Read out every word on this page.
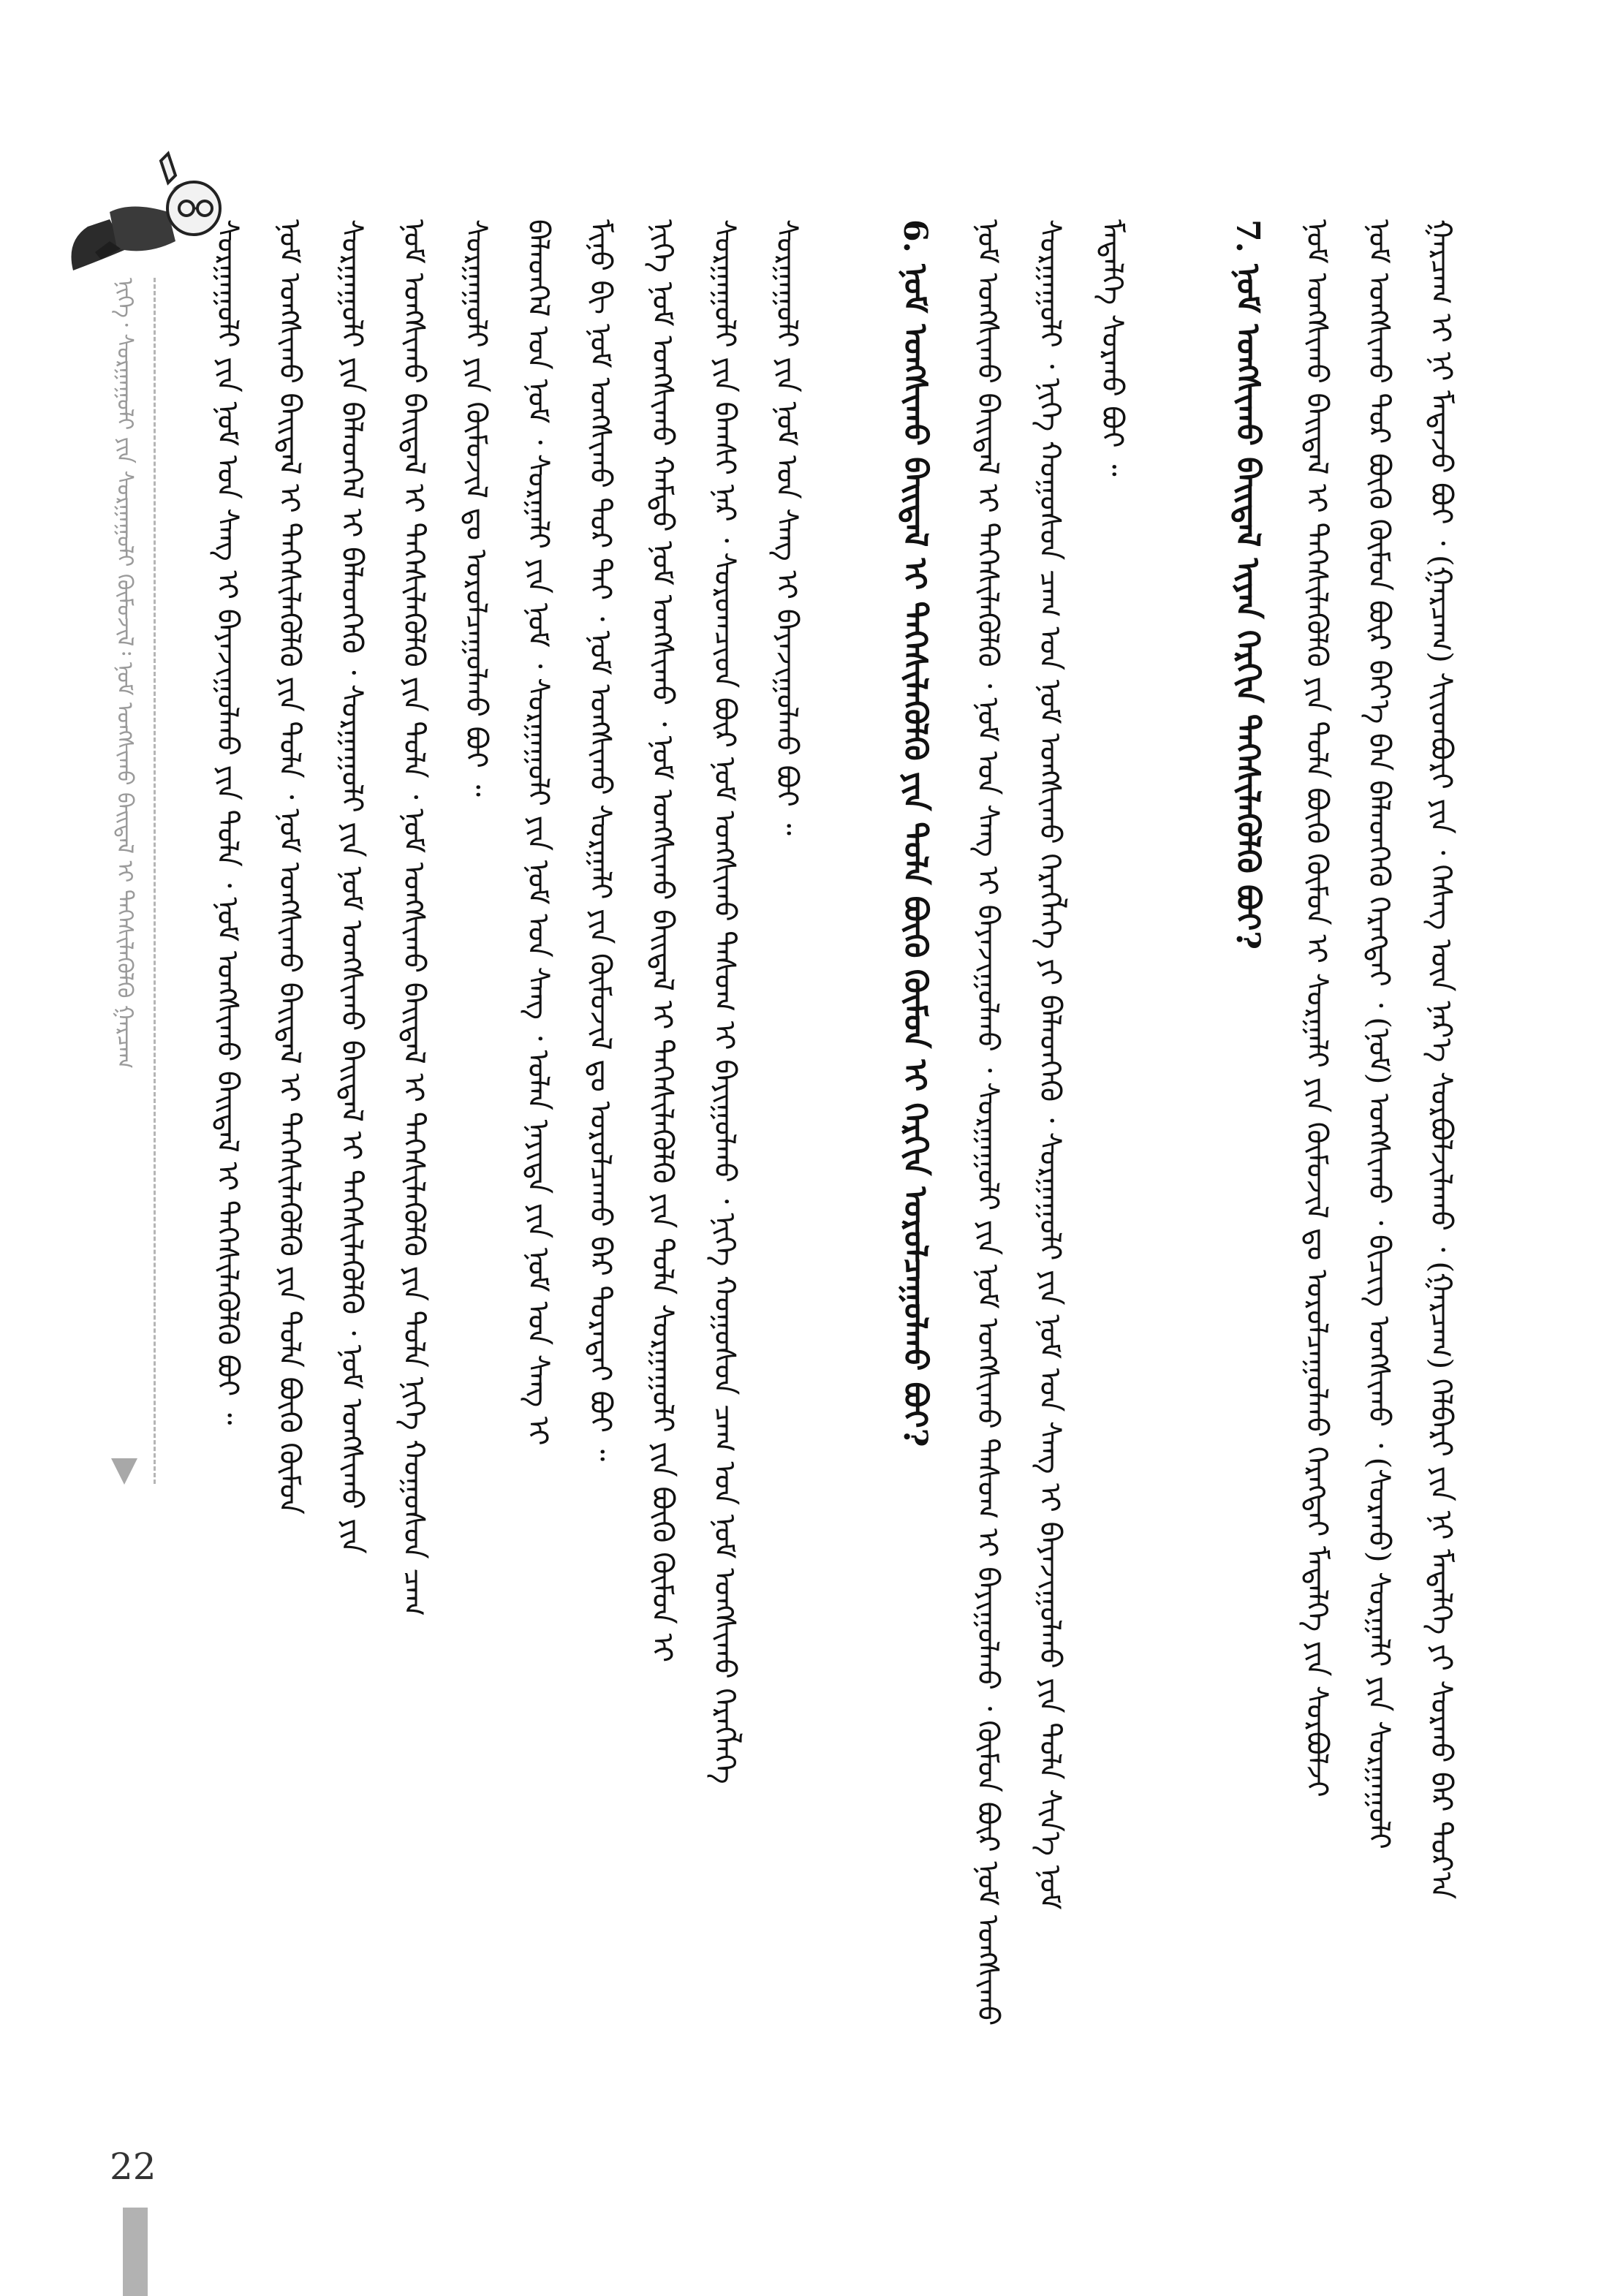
ᠨᠢᠭᠡ᠂ ᠰᠤᠷᠭᠠᠭᠤᠯᠢ ᠶᠢᠨ ᠰᠤᠷᠭᠠᠭᠤᠯᠢ ᠬᠦᠮᠦᠵᠢᠯ᠄ ᠨᠤᠮ ᠤᠩᠰᠢᠬᠤ ᠪᠠᠢᠳᠠᠯ ᠢ ᠳᠡᠭᠡᠰᠢᠯᠡᠭᠦᠯᠬᠦ ᠭᠠᠷᠴᠠᠭ	ᠭᠠᠷᠴᠠᠭ ᠢ ᠨᠢ ᠮᠡᠳᠡᠵᠦ ᠪᠤᠢ ᠂ (ᠭᠠᠷᠴᠠᠭ) ᠰᠢᠢᠳᠪᠦᠷᠢ ᠶᠢᠨ ᠂ ᠬᠡᠰᠡᠭ ᠦᠨ ᠨᠡᠷ᠎ᠡ ᠰᠤᠷᠪᠤᠯᠵᠢᠯᠠᠬᠤ ᠂ (ᠭᠠᠷᠴᠠᠭ) ᠬᠡᠯᠪᠡᠷᠢ ᠶᠢᠨ ᠨᠢ ᠮᠡᠳᠡᠯᠭᠡ ᠶᠢ ᠰᠤᠷᠬᠤ ᠪᠠᠷ ᠳᠤᠷ᠎ᠠ
ᠨᠤᠮ ᠤᠩᠰᠢᠬᠤ ᠳᠤᠷ ᠪᠦᠬᠦ ᠬᠦᠮᠦᠨ ᠪᠦᠷ ᠪᠡᠶ᠎ᠡ ᠪᠡᠨ ᠪᠡᠯᠡᠳᠬᠡᠬᠦ ᠬᠡᠷᠡᠭᠲᠡᠢ ᠂ (ᠨᠤᠮ) ᠤᠩᠰᠢᠬᠤ ᠂ ᠪᠢᠴᠢᠭ ᠤᠩᠰᠢᠬᠤ ᠂ (ᠰᠤᠷᠬᠤ) ᠰᠤᠷᠭᠠᠯᠢ ᠶᠢᠨ ᠰᠤᠷᠭᠠᠭᠤᠯᠢ
ᠨᠤᠮ ᠤᠩᠰᠢᠬᠤ ᠪᠠᠢᠳᠠᠯ ᠢ ᠳᠡᠭᠡᠰᠢᠯᠡᠭᠦᠯᠬᠦ ᠶᠢᠨ ᠲᠤᠯᠠ ᠪᠦᠬᠦ ᠬᠦᠮᠦᠨ ᠢ ᠰᠤᠷᠭᠠᠯᠢ ᠶᠢᠨ ᠬᠦᠮᠦᠵᠢᠯ ᠳᠤ ᠣᠷᠣᠯᠴᠠᠭᠤᠯᠬᠤ ᠬᠡᠷᠡᠭᠲᠡᠢ ᠮᠡᠳᠡᠯᠭᠡ ᠶᠢᠨ ᠰᠤᠷᠪᠤᠯᠵᠢ
7. ᠨᠤᠮ ᠤᠩᠰᠢᠬᠤ ᠪᠠᠢᠳᠠᠯ ᠢᠶᠠᠨ ᠬᠡᠷᠬᠢᠨ ᠳᠡᠭᠡᠰᠢᠯᠡᠭᠦᠯᠬᠦ ᠪᠤᠢ?
ᠮᠡᠳᠡᠯᠭᠡ ᠰᠤᠷᠬᠤ ᠪᠤᠢ ᠃
ᠰᠤᠷᠭᠠᠭᠤᠯᠢ ᠂ ᠨᠢᠭᠡ ᠬᠤᠭᠤᠰᠤᠨ ᠴᠠᠭ ᠤᠨ ᠨᠤᠮ ᠤᠩᠰᠢᠬᠤ ᠬᠡᠷᠡᠭᠯᠡᠭᠡ ᠶᠢ ᠪᠡᠯᠡᠳᠬᠡᠬᠦ ᠂ ᠰᠤᠷᠭᠠᠭᠤᠯᠢ ᠶᠢᠨ ᠨᠣᠮ ᠤᠨ ᠰᠠᠩ ᠢ ᠪᠠᠶᠠᠵᠢᠭᠤᠯᠬᠤ ᠶᠢᠨ ᠲᠤᠯᠠ ᠰᠢᠨ᠎ᠡ ᠨᠤᠮ
ᠨᠤᠮ ᠤᠩᠰᠢᠬᠤ ᠪᠠᠢᠳᠠᠯ ᠢ ᠳᠡᠭᠡᠰᠢᠯᠡᠭᠦᠯᠬᠦ ᠂ ᠨᠤᠮ ᠤᠨ ᠰᠠᠩ ᠢ ᠪᠠᠶᠠᠵᠢᠭᠤᠯᠬᠤ ᠂ ᠰᠤᠷᠭᠠᠭᠤᠯᠢ ᠶᠢᠨ ᠨᠤᠮ ᠤᠩᠰᠢᠬᠤ ᠲᠠᠰᠤᠭ ᠢ ᠪᠠᠶᠢᠭᠤᠯᠬᠤ ᠂ ᠬᠦᠮᠦᠨ ᠪᠦᠷ ᠨᠤᠮ ᠤᠩᠰᠢᠬᠤ
6. ᠨᠤᠮ ᠤᠩᠰᠢᠬᠤ ᠪᠠᠢᠳᠠᠯ ᠢ ᠳᠡᠭᠡᠰᠢᠯᠡᠭᠦᠯᠬᠦ ᠶᠢᠨ ᠲᠤᠯᠠ ᠪᠦᠬᠦ ᠬᠦᠮᠦᠨ ᠢ ᠬᠡᠷᠬᠢᠨ ᠣᠷᠣᠯᠴᠠᠭᠤᠯᠬᠤ ᠪᠤᠢ?
ᠰᠤᠷᠭᠠᠭᠤᠯᠢ ᠶᠢᠨ ᠨᠤᠮ ᠤᠨ ᠰᠠᠩ ᠢ ᠪᠠᠶᠠᠵᠢᠭᠤᠯᠬᠤ ᠪᠤᠢ ᠃
ᠰᠤᠷᠭᠠᠭᠤᠯᠢ ᠶᠢᠨ ᠪᠠᠭᠰᠢ ᠨᠠᠷ ᠂ ᠰᠤᠷᠤᠭᠴᠢᠳ ᠪᠦᠷ ᠨᠤᠮ ᠤᠩᠰᠢᠬᠤ ᠲᠠᠰᠤᠭ ᠢ ᠪᠠᠶᠢᠭᠤᠯᠬᠤ ᠂ ᠨᠢᠭᠡ ᠬᠤᠭᠤᠰᠤᠨ ᠴᠠᠭ ᠤᠨ ᠨᠤᠮ ᠤᠩᠰᠢᠬᠤ ᠬᠡᠷᠡᠭᠯᠡᠭᠡ
ᠨᠢᠭᠡ ᠨᠤᠮ ᠤᠩᠰᠢᠬᠤ ᠬᠠᠮᠲᠤ ᠨᠤᠮ ᠤᠩᠰᠢᠬᠤ ᠂ ᠨᠤᠮ ᠤᠩᠰᠢᠬᠤ ᠪᠠᠢᠳᠠᠯ ᠢ ᠳᠡᠭᠡᠰᠢᠯᠡᠭᠦᠯᠬᠦ ᠶᠢᠨ ᠲᠤᠯᠠ ᠰᠤᠷᠭᠠᠭᠤᠯᠢ ᠶᠢᠨ ᠪᠦᠬᠦ ᠬᠦᠮᠦᠨ ᠢ
ᠮᠢᠨᠦ ᠪᠢ ᠨᠤᠮ ᠤᠩᠰᠢᠬᠤ ᠳᠤᠷ ᠲᠠᠢ ᠂ ᠨᠤᠮ ᠤᠩᠰᠢᠬᠤ ᠰᠤᠷᠭᠠᠯᠢ ᠶᠢᠨ ᠬᠦᠮᠦᠵᠢᠯ ᠳᠤ ᠣᠷᠣᠯᠴᠠᠬᠤ ᠪᠠᠷ ᠳᠤᠷᠠᠲᠠᠢ ᠪᠤᠢ ᠃
ᠪᠡᠯᠡᠳᠬᠡᠯ ᠤᠨ ᠨᠤᠮ ᠂ ᠰᠤᠷᠭᠠᠯᠢ ᠶᠢᠨ ᠨᠤᠮ ᠂ ᠰᠤᠷᠭᠠᠭᠤᠯᠢ ᠶᠢᠨ ᠨᠤᠮ ᠤᠨ ᠰᠠᠩ ᠂ ᠣᠯᠠᠨ ᠨᠡᠶᠢᠲᠡ ᠶᠢᠨ ᠨᠤᠮ ᠤᠨ ᠰᠠᠩ ᠢ
ᠰᠤᠷᠭᠠᠭᠤᠯᠢ ᠶᠢᠨ ᠬᠦᠮᠦᠵᠢᠯ ᠳᠤ ᠣᠷᠣᠯᠴᠠᠭᠤᠯᠬᠤ ᠪᠤᠢ ᠃
ᠨᠤᠮ ᠤᠩᠰᠢᠬᠤ ᠪᠠᠢᠳᠠᠯ ᠢ ᠳᠡᠭᠡᠰᠢᠯᠡᠭᠦᠯᠬᠦ ᠶᠢᠨ ᠲᠤᠯᠠ ᠂ ᠨᠤᠮ ᠤᠩᠰᠢᠬᠤ ᠪᠠᠢᠳᠠᠯ ᠢ ᠳᠡᠭᠡᠰᠢᠯᠡᠭᠦᠯᠬᠦ ᠶᠢᠨ ᠲᠤᠯᠠ ᠨᠢᠭᠡ ᠬᠤᠭᠤᠰᠤᠨ ᠴᠠᠭ
ᠰᠤᠷᠭᠠᠭᠤᠯᠢ ᠶᠢᠨ ᠪᠡᠯᠡᠳᠬᠡᠯ ᠢ ᠪᠡᠯᠡᠳᠬᠡᠬᠦ ᠂ ᠰᠤᠷᠭᠠᠭᠤᠯᠢ ᠶᠢᠨ ᠨᠤᠮ ᠤᠩᠰᠢᠬᠤ ᠪᠠᠢᠳᠠᠯ ᠢ ᠳᠡᠭᠡᠰᠢᠯᠡᠭᠦᠯᠬᠦ ᠂ ᠨᠤᠮ ᠤᠩᠰᠢᠬᠤ ᠶᠢᠨ
ᠨᠤᠮ ᠤᠩᠰᠢᠬᠤ ᠪᠠᠢᠳᠠᠯ ᠢ ᠳᠡᠭᠡᠰᠢᠯᠡᠭᠦᠯᠬᠦ ᠶᠢᠨ ᠲᠤᠯᠠ ᠂ ᠨᠤᠮ ᠤᠩᠰᠢᠬᠤ ᠪᠠᠢᠳᠠᠯ ᠢ ᠳᠡᠭᠡᠰᠢᠯᠡᠭᠦᠯᠬᠦ ᠶᠢᠨ ᠲᠤᠯᠠ ᠪᠦᠬᠦ ᠬᠦᠮᠦᠨ
ᠰᠤᠷᠭᠠᠭᠤᠯᠢ ᠶᠢᠨ ᠨᠤᠮ ᠤᠨ ᠰᠠᠩ ᠢ ᠪᠠᠶᠠᠵᠢᠭᠤᠯᠬᠤ ᠶᠢᠨ ᠲᠤᠯᠠ ᠂ ᠨᠤᠮ ᠤᠩᠰᠢᠬᠤ ᠪᠠᠢᠳᠠᠯ ᠢ ᠳᠡᠭᠡᠰᠢᠯᠡᠭᠦᠯᠬᠦ ᠪᠤᠢ ᠃
22
